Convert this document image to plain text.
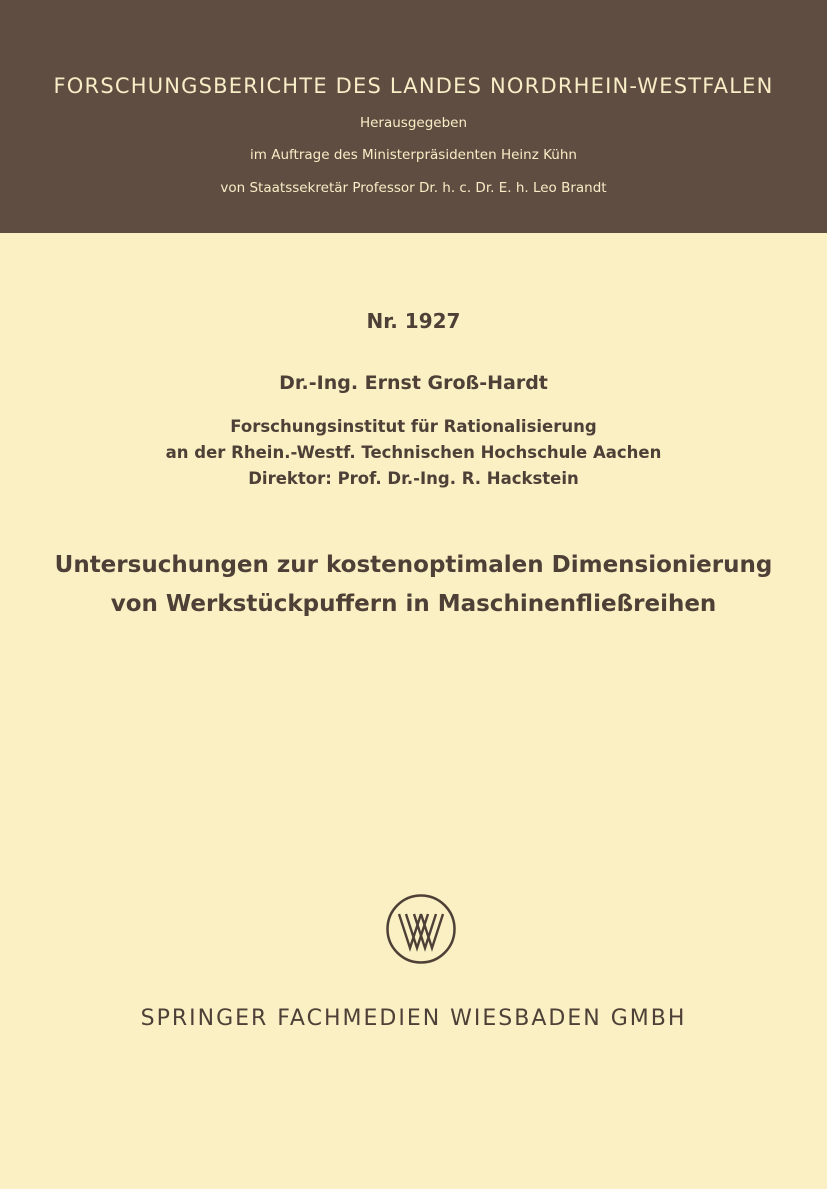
FORSCHUNGSBERICHTE DES LANDES NORDRHEIN-WESTFALEN
Herausgegeben
im Auftrage des Ministerpräsidenten Heinz Kühn
von Staatssekretär Professor Dr. h. c. Dr. E. h. Leo Brandt
Nr. 1927
Dr.-Ing. Ernst Groß-Hardt
Forschungsinstitut für Rationalisierung
an der Rhein.-Westf. Technischen Hochschule Aachen
Direktor: Prof. Dr.-Ing. R. Hackstein
Untersuchungen zur kostenoptimalen Dimensionierung
von Werkstückpuffern in Maschinenfließreihen
SPRINGER FACHMEDIEN WIESBADEN GMBH
